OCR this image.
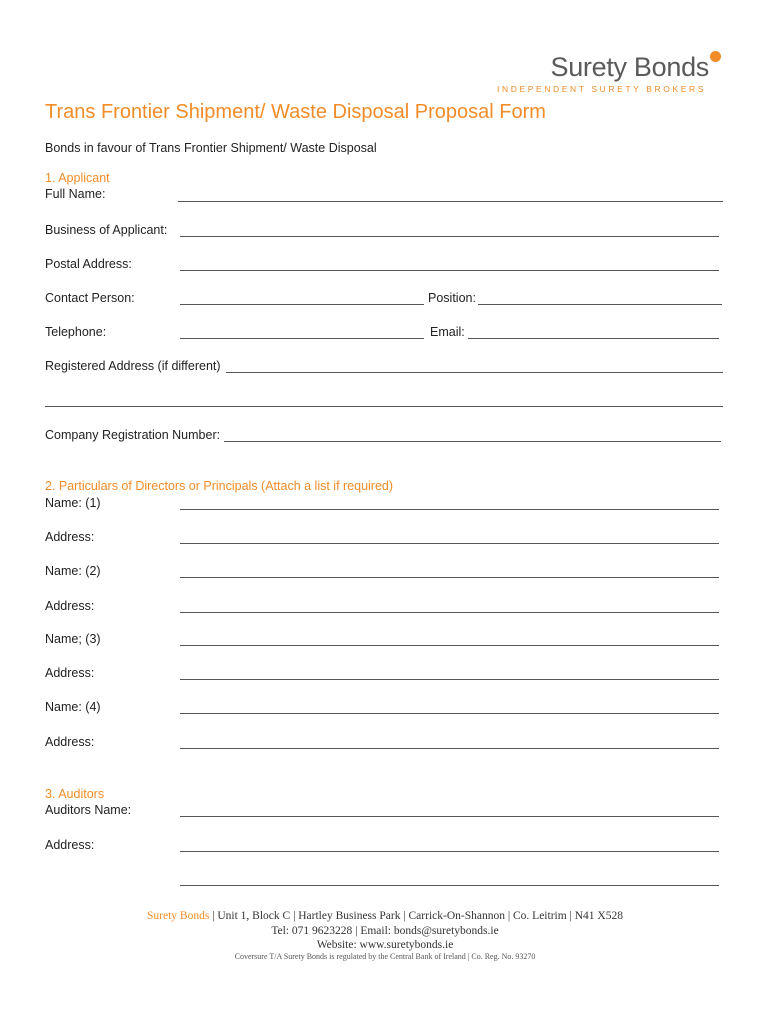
Surety Bonds
INDEPENDENT SURETY BROKERS
Trans Frontier Shipment/ Waste Disposal Proposal Form
Bonds in favour of Trans Frontier Shipment/ Waste Disposal
1. Applicant
Full Name:
Business of Applicant:
Postal Address:
Contact Person:	Position:
Telephone:	Email:
Registered Address (if different)
Company Registration Number:
2. Particulars of Directors or Principals (Attach a list if required)
Name: (1)
Address:
Name: (2)
Address:
Name; (3)
Address:
Name: (4)
Address:
3. Auditors
Auditors Name:
Address:
Surety Bonds | Unit 1, Block C | Hartley Business Park | Carrick-On-Shannon | Co. Leitrim | N41 X528
Tel: 071 9623228 | Email: bonds@suretybonds.ie
Website: www.suretybonds.ie
Coversure T/A Surety Bonds is regulated by the Central Bank of Ireland | Co. Reg. No. 93270
